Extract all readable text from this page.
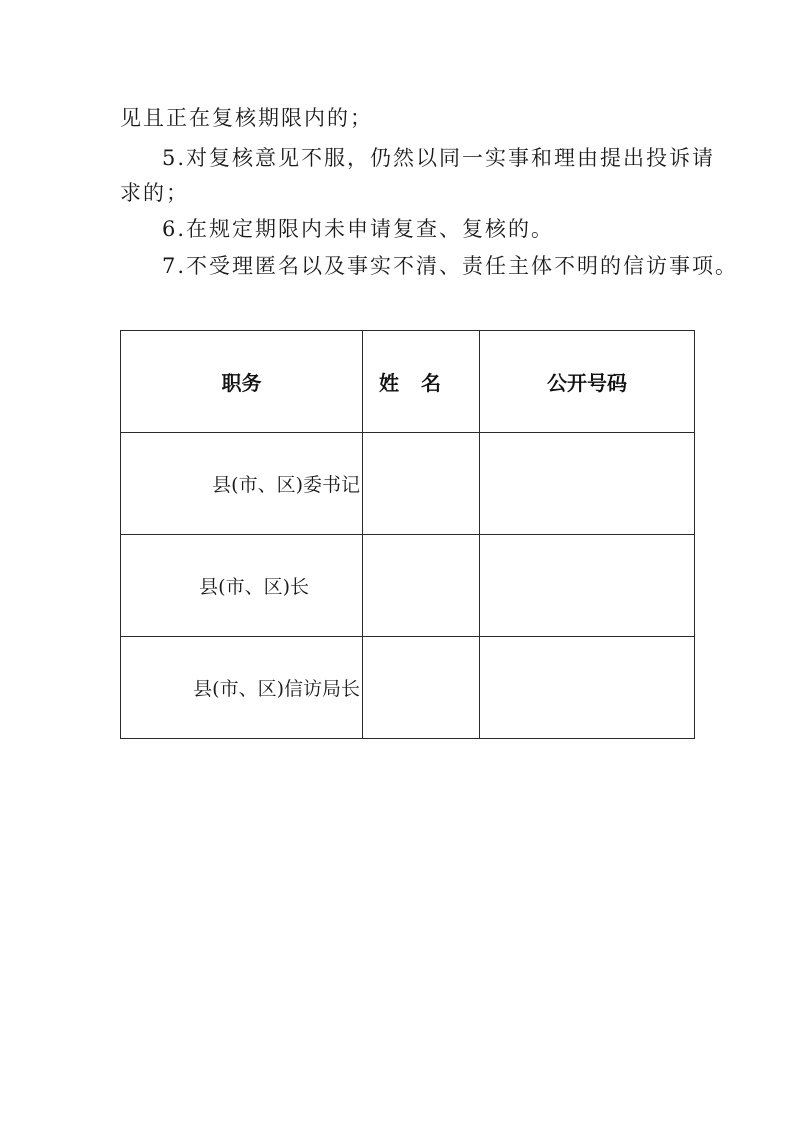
见且正在复核期限内的；

5.对复核意见不服，仍然以同一实事和理由提出投诉请

求的；

6.在规定期限内未申请复查、复核的。

7.不受理匿名以及事实不清、责任主体不明的信访事项。

职务	姓名	公开号码
县(市、区)委书记		
县(市、区)长		
县(市、区)信访局长		
